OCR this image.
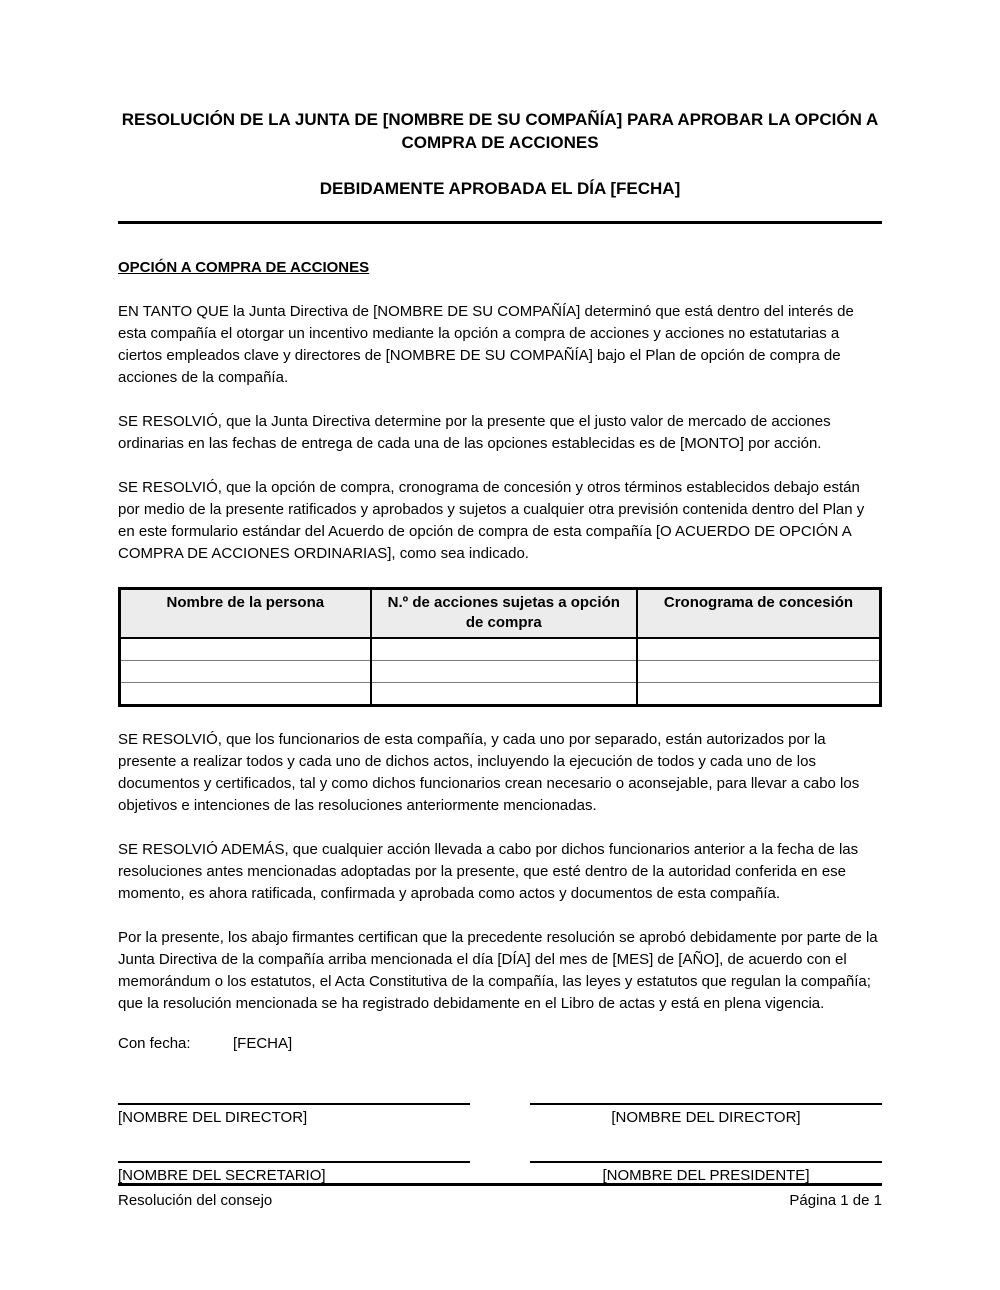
RESOLUCIÓN DE LA JUNTA DE [NOMBRE DE SU COMPAÑÍA] PARA APROBAR LA OPCIÓN A COMPRA DE ACCIONES
DEBIDAMENTE APROBADA EL DÍA [FECHA]
OPCIÓN A COMPRA DE ACCIONES

EN TANTO QUE la Junta Directiva de [NOMBRE DE SU COMPAÑÍA] determinó que está dentro del interés de esta compañía el otorgar un incentivo mediante la opción a compra de acciones y acciones no estatutarias a ciertos empleados clave y directores de [NOMBRE DE SU COMPAÑÍA] bajo el Plan de opción de compra de acciones de la compañía.

SE RESOLVIÓ, que la Junta Directiva determine por la presente que el justo valor de mercado de acciones ordinarias en las fechas de entrega de cada una de las opciones establecidas es de [MONTO] por acción.

SE RESOLVIÓ, que la opción de compra, cronograma de concesión y otros términos establecidos debajo están por medio de la presente ratificados y aprobados y sujetos a cualquier otra previsión contenida dentro del Plan y en este formulario estándar del Acuerdo de opción de compra de esta compañía [O ACUERDO DE OPCIÓN A COMPRA DE ACCIONES ORDINARIAS], como sea indicado.

Nombre de la persona	N.º de acciones sujetas a opción de compra	Cronograma de concesión

SE RESOLVIÓ, que los funcionarios de esta compañía, y cada uno por separado, están autorizados por la presente a realizar todos y cada uno de dichos actos, incluyendo la ejecución de todos y cada uno de los documentos y certificados, tal y como dichos funcionarios crean necesario o aconsejable, para llevar a cabo los objetivos e intenciones de las resoluciones anteriormente mencionadas.

SE RESOLVIÓ ADEMÁS, que cualquier acción llevada a cabo por dichos funcionarios anterior a la fecha de las resoluciones antes mencionadas adoptadas por la presente, que esté dentro de la autoridad conferida en ese momento, es ahora ratificada, confirmada y aprobada como actos y documentos de esta compañía.

Por la presente, los abajo firmantes certifican que la precedente resolución se aprobó debidamente por parte de la Junta Directiva de la compañía arriba mencionada el día [DÍA] del mes de [MES] de [AÑO], de acuerdo con el memorándum o los estatutos, el Acta Constitutiva de la compañía, las leyes y estatutos que regulan la compañía; que la resolución mencionada se ha registrado debidamente en el Libro de actas y está en plena vigencia.

Con fecha:	[FECHA]
[NOMBRE DEL DIRECTOR]	[NOMBRE DEL DIRECTOR]
[NOMBRE DEL SECRETARIO]	[NOMBRE DEL PRESIDENTE]
Resolución del consejo	Página 1 de 1
